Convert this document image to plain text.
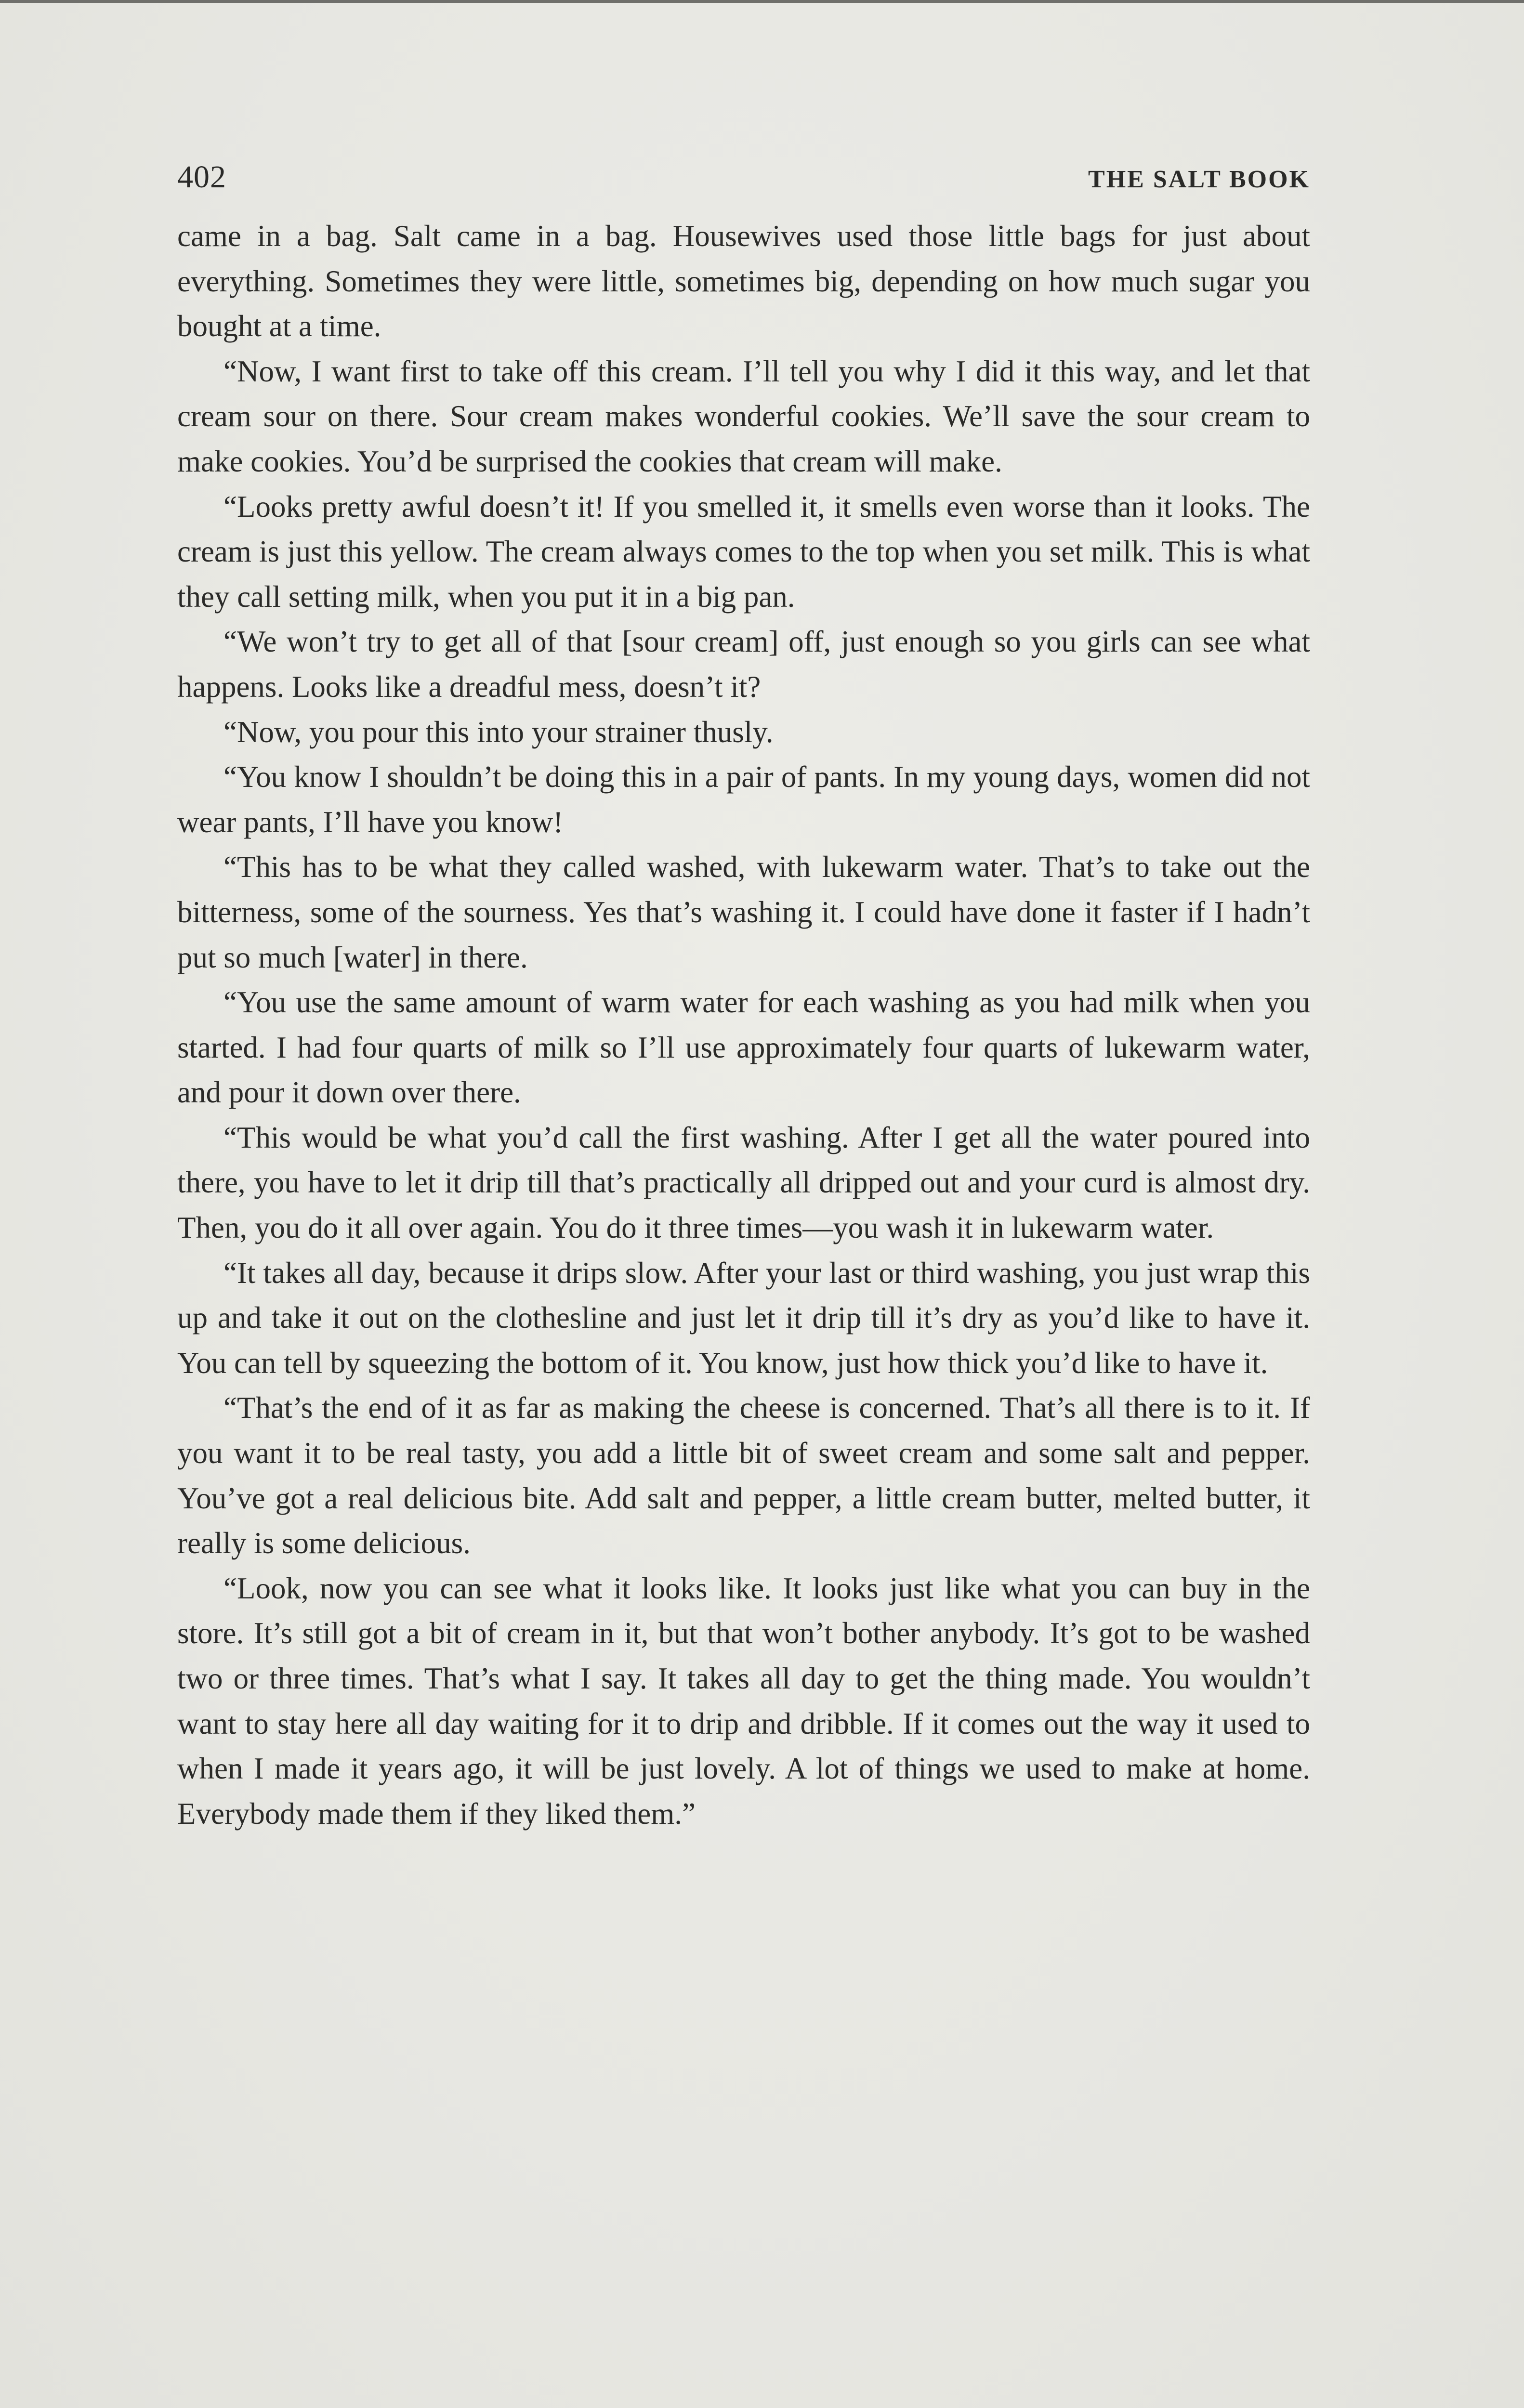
402	THE SALT BOOK

came in a bag. Salt came in a bag. Housewives used those little bags for just about everything. Sometimes they were little, sometimes big, depending on how much sugar you bought at a time.

“Now, I want first to take off this cream. I’ll tell you why I did it this way, and let that cream sour on there. Sour cream makes wonderful cookies. We’ll save the sour cream to make cookies. You’d be surprised the cookies that cream will make.

“Looks pretty awful doesn’t it! If you smelled it, it smells even worse than it looks. The cream is just this yellow. The cream always comes to the top when you set milk. This is what they call setting milk, when you put it in a big pan.

“We won’t try to get all of that [sour cream] off, just enough so you girls can see what happens. Looks like a dreadful mess, doesn’t it?

“Now, you pour this into your strainer thusly.

“You know I shouldn’t be doing this in a pair of pants. In my young days, women did not wear pants, I’ll have you know!

“This has to be what they called washed, with lukewarm water. That’s to take out the bitterness, some of the sourness. Yes that’s washing it. I could have done it faster if I hadn’t put so much [water] in there.

“You use the same amount of warm water for each washing as you had milk when you started. I had four quarts of milk so I’ll use approximately four quarts of lukewarm water, and pour it down over there.

“This would be what you’d call the first washing. After I get all the water poured into there, you have to let it drip till that’s practically all dripped out and your curd is almost dry. Then, you do it all over again. You do it three times—you wash it in lukewarm water.

“It takes all day, because it drips slow. After your last or third washing, you just wrap this up and take it out on the clothesline and just let it drip till it’s dry as you’d like to have it. You can tell by squeezing the bottom of it. You know, just how thick you’d like to have it.

“That’s the end of it as far as making the cheese is concerned. That’s all there is to it. If you want it to be real tasty, you add a little bit of sweet cream and some salt and pepper. You’ve got a real delicious bite. Add salt and pepper, a little cream butter, melted butter, it really is some delicious.

“Look, now you can see what it looks like. It looks just like what you can buy in the store. It’s still got a bit of cream in it, but that won’t bother anybody. It’s got to be washed two or three times. That’s what I say. It takes all day to get the thing made. You wouldn’t want to stay here all day waiting for it to drip and dribble. If it comes out the way it used to when I made it years ago, it will be just lovely. A lot of things we used to make at home. Everybody made them if they liked them.”
